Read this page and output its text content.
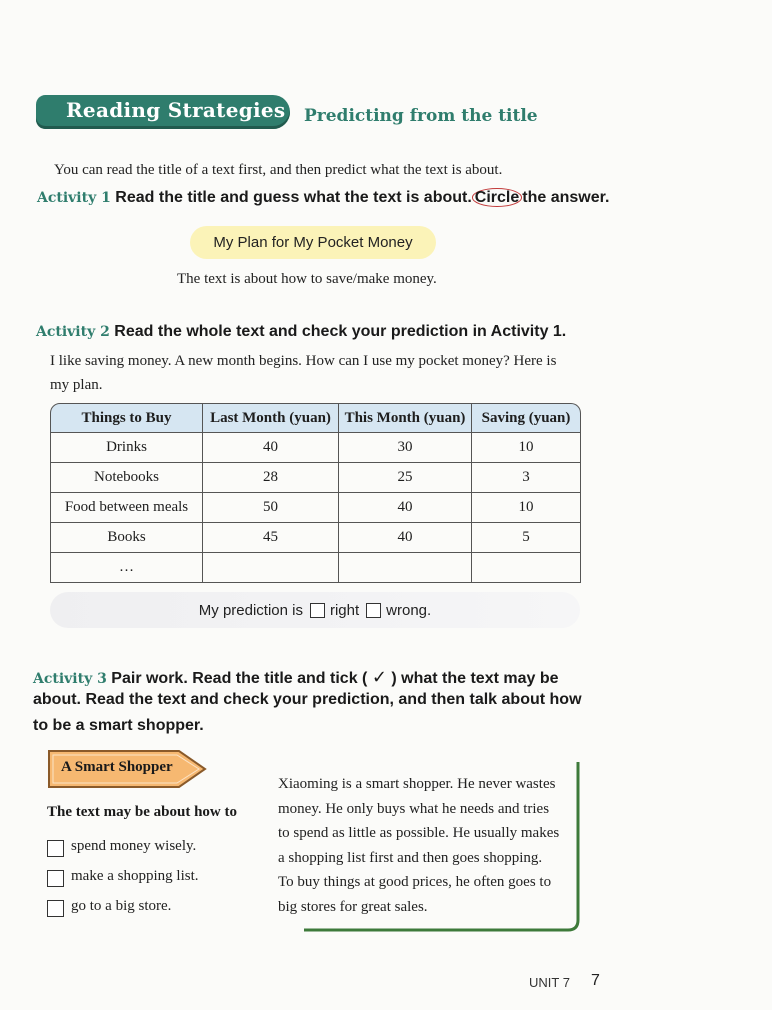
Reading Strategies Predicting from the title
You can read the title of a text first, and then predict what the text is about.
Activity 1 Read the title and guess what the text is about. Circle the answer.
My Plan for My Pocket Money
The text is about how to save/make money.
Activity 2 Read the whole text and check your prediction in Activity 1.
I like saving money. A new month begins. How can I use my pocket money? Here is
my plan.
Things to Buy	Last Month (yuan)	This Month (yuan)	Saving (yuan)
Drinks	40	30	10
Notebooks	28	25	3
Food between meals	50	40	10
Books	45	40	5
…			
My prediction is right wrong.
Activity 3 Pair work. Read the title and tick ( ✓ ) what the text may be
about. Read the text and check your prediction, and then talk about how
to be a smart shopper.
A Smart Shopper
The text may be about how to
spend money wisely.
make a shopping list.
go to a big store.
Xiaoming is a smart shopper. He never wastes
money. He only buys what he needs and tries
to spend as little as possible. He usually makes
a shopping list first and then goes shopping.
To buy things at good prices, he often goes to
big stores for great sales.
UNIT 7 7
